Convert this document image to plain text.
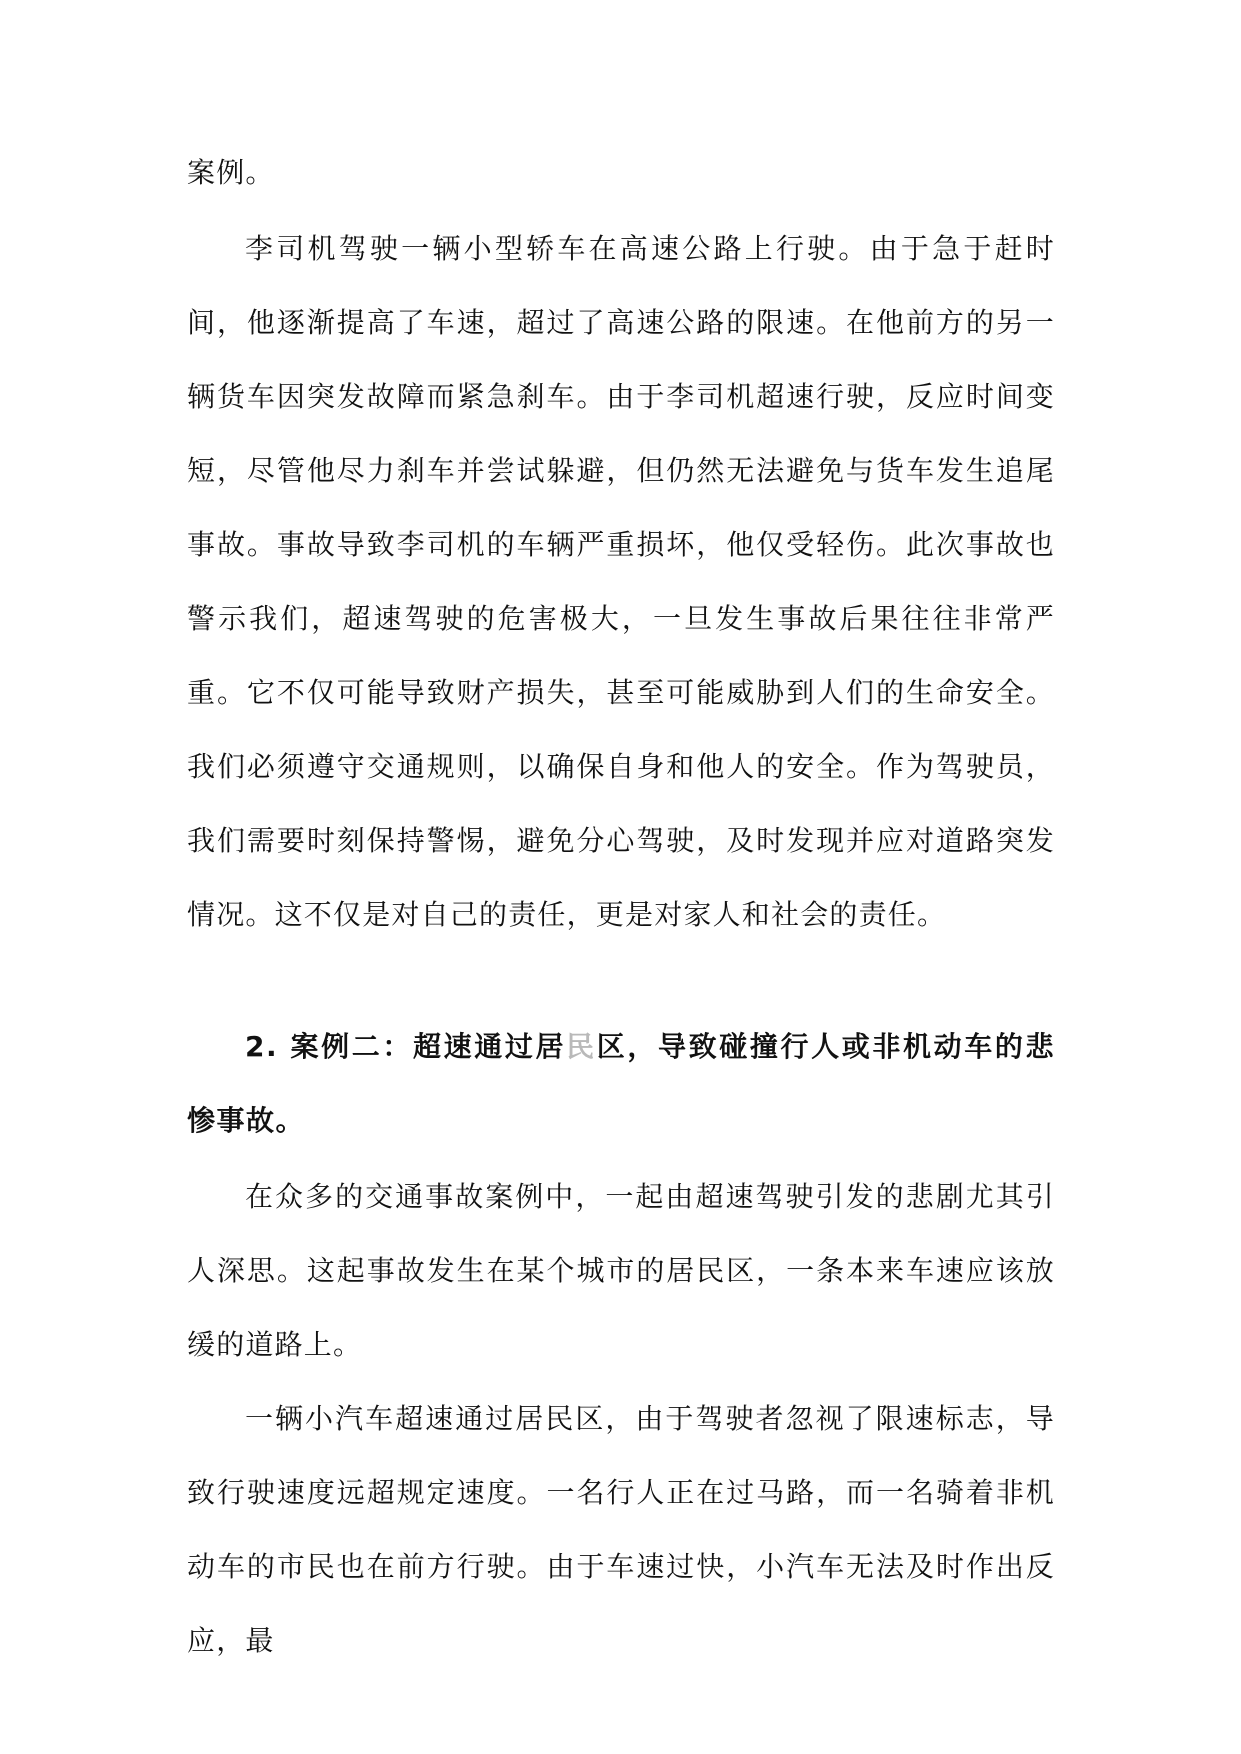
案例。

李司机驾驶一辆小型轿车在高速公路上行驶。由于急于赶时间，他逐渐提高了车速，超过了高速公路的限速。在他前方的另一辆货车因突发故障而紧急刹车。由于李司机超速行驶，反应时间变短，尽管他尽力刹车并尝试躲避，但仍然无法避免与货车发生追尾事故。事故导致李司机的车辆严重损坏，他仅受轻伤。此次事故也警示我们，超速驾驶的危害极大，一旦发生事故后果往往非常严重。它不仅可能导致财产损失，甚至可能威胁到人们的生命安全。我们必须遵守交通规则，以确保自身和他人的安全。作为驾驶员，我们需要时刻保持警惕，避免分心驾驶，及时发现并应对道路突发情况。这不仅是对自己的责任，更是对家人和社会的责任。

2. 案例二：超速通过居民区，导致碰撞行人或非机动车的悲惨事故。

在众多的交通事故案例中，一起由超速驾驶引发的悲剧尤其引人深思。这起事故发生在某个城市的居民区，一条本来车速应该放缓的道路上。

一辆小汽车超速通过居民区，由于驾驶者忽视了限速标志，导致行驶速度远超规定速度。一名行人正在过马路，而一名骑着非机动车的市民也在前方行驶。由于车速过快，小汽车无法及时作出反应，最
